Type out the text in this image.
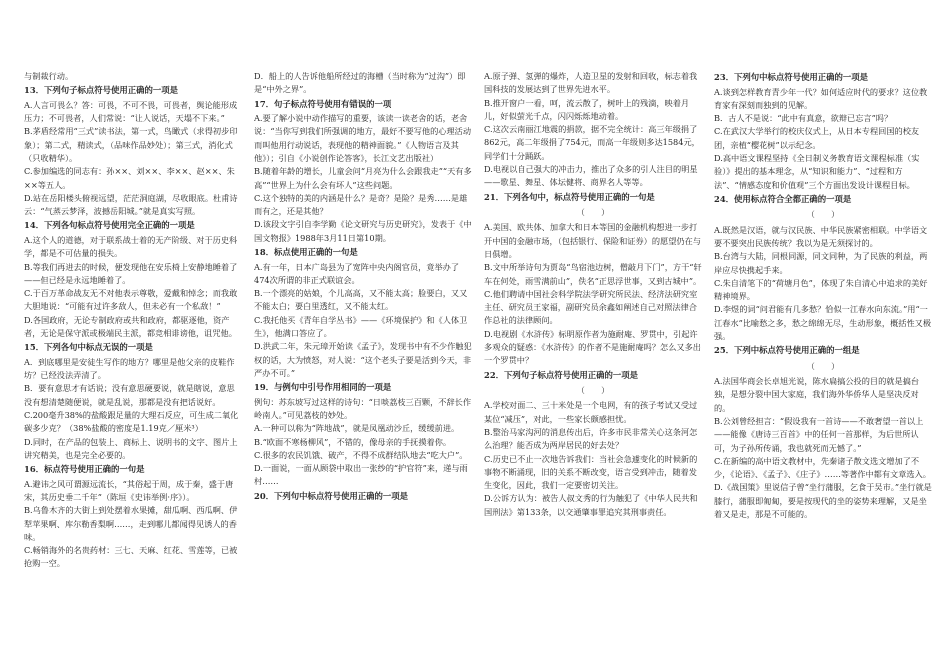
与制裁行动。

13．下列句子标点符号使用正确的一项是

A.人言可畏么？答：可畏，不可不畏，可畏者，舆论能形成压力；不可畏者，人们常说：“让人说话，天塌不下来。”

B.茅盾经常用“三式”读书法，第一式，鸟瞰式（求得初步印象）；第二式，精读式，（品味作品妙处）；第三式，消化式（只收精华）。

C.参加编选的同志有：孙××、刘××、李××、赵××、朱××等五人。

D.站在岳阳楼头俯视远望，茫茫洞庭湖，尽收眼底。杜甫诗云：“气蒸云梦泽，波撼岳阳城。”就是真实写照。

14．下列各句标点符号使用完全正确的一项是

A.这个人的道德，对于联系战士着的无产阶级、对于历史科学，都是不可估量的损失。

B.等我们再进去的时候，便发现他在安乐椅上安静地睡着了——但已经是永远地睡着了。

C.于百万革命战友无不对他表示尊敬，爱戴和悼念；而我敢大胆地说：“可能有过许多敌人，但未必有一个私敌！”

D.各国政府，无论专制政府或共和政府，都驱逐他，资产者，无论是保守派或极端民主派，都竞相诽谤他，诅咒他。

15．下列各句中标点无误的一项是

A．到底哪里是安徒生写作的地方？哪里是他父亲的皮鞋作坊？已经没法弄清了。

B．要有意思才有话说；没有意思硬要说，就是瞎说，意思没有想清楚随便说，就是乱说，那都是没有把话说好。

C.200毫升38%的盐酸跟足量的大理石反应，可生成二氧化碳多少克？（38%盐酸的密度是1.19克／厘米³）

D.同时，在产品的包装上、商标上、说明书的文字、图片上讲究精美，也是完全必要的。

16．标点符号使用正确的一句是

A.避讳之风可谓源远流长，“其俗起于周，成于秦，盛于唐宋，其历史垂二千年”（陈垣《史讳举例·序》）。

B.乌鲁木齐的大街上到处摆着水果摊，甜瓜啊、西瓜啊、伊犁苹果啊、库尔勒香梨啊……，走到哪儿都闻得见诱人的香味。

C.畅销海外的名贵药材：三七、天麻、红花、雪莲等，已被抢购一空。

D．船上的人告诉他船所经过的海槽（当时称为“过沟”）即是“中外之界”。

17．句子标点符号使用有错误的一项

A.要了解小说中动作描写的重要，该读一读老舍的话，老舍说：“当你写到我们所强调的地方，最好不要写他的心理活动而叫他用行动说话，表现他的精神面貌。”《人物语言及其他》）；引自《小说创作论答客》，长江文艺出版社）

B.随着年龄的增长，儿童会问“月亮为什么会跟我走”“天有多高”“世界上为什么会有坏人”这些问题。

C.这个独特的美的内涵是什么？是奇？是险？是秀……是雄而有之，还是其他？

D.该段文字引自李学勤《论文研究与历史研究》，发表于《中国文物报》1988年3月11日第10期。

18．标点使用正确的一句是

A.有一年，日本广岛县为了宽阵中央内阁官员，竟举办了474次所谓的非正式联谊会。

B.一个漂亮的姑娘，个儿高高，又不能太高；脸要白，又又不能太白；要白里透红，又不能太红。

C.我托他买《青年自学丛书》——《环境保护》和《人体卫生》，他满口答应了。

D.洪武二年，朱元璋开始读《孟子》，发现书中有不少作触犯权的话，大为愤怒，对人说：“这个老头子要是活到今天，非严办不可。”

19．与例句中引号作用相同的一项是

例句：苏东坡写过这样的诗句：“日啖荔枝三百颗，不辞长作岭南人。”可见荔枝的妙处。

A.一种可以称为“阵地战”，就是凤凰动沙丘，缓缓前进。

B.“欧面不寒杨柳风”，不错的，像母亲的手抚摸着你。

C.很多的农民饥饿、破产，不得不成群结队地去“吃大户”。

D.一面说，一面从顾袋中取出一张纱的“护官符”来，递与雨村……

20．下列句中标点符号使用正确的一项是

A.原子弹、氢弹的爆炸，人造卫星的发射和回收，标志着我国科技的发展达到了世界先进水平。

B.推开窗户一看，呵，流云散了，树叶上的残滴，映着月儿，好似萤光千点，闪闪烁烁地动着。

C.这次云南丽江地震的捐款，据不完全统计：高三年级捐了862元，高二年级捐了754元，而高一年级则多达1584元，同学们十分踊跃。

D.电视以自己强大的冲击力，推出了众多的引人注目的明星——歌星、舞星、体坛健将、商界名人等等。

21．下列各句中，标点符号使用正确的一句是

（　　）

A.美国、欧共体、加拿大和日本等国的金融机构想进一步打开中国的金融市场，（包括银行、保险和证券）的愿望仍在与日俱增。

B.文中所举诗句为贾岛“鸟宿池边树，僧敲月下门”，方干“轩车在何处，雨雪满前山”，佚名“正思浮世事，又到古城中”。

C.他们聘请中国社会科学院法学研究所民法、经济法研究室主任、研究员王家福，副研究员余鑫如阐述自己对照法律合作总社的法律顾问。

D.电视剧《水浒传》标明原作者为施耐庵、罗贯中，引起许多观众的疑惑：《水浒传》的作者不是施耐庵吗？怎么又多出一个罗贯中？

22．下列句子标点符号使用正确的一项是

（　　）

A.学校对面二、三十米处是一个电网，有的孩子考试又受过某位“减压”，对此，一些家长颇感担忧。

B.整治马家沟河的消息传出后，许多市民非常关心这条河怎么治理？能否成为两岸居民的好去处？

C.历史已不止一次地告诉我们：当社会急遽变化的时候新的事物不断涌现，旧的关系不断改变，语言受到冲击，随着发生变化，因此，我们一定要密切关注。

D.公诉方认为：被告人叔文秀的行为触犯了《中华人民共和国刑法》第133条，以交通肇事罪追究其刑事责任。

23．下列句中标点符号使用正确的一项是

A.谈到怎样教育青少年一代？如何适应时代的要求？这位教育家有深刻而独到的见解。

B．古人不是说：“此中有真意，欲辩已忘言”吗？

C.在武汉大学举行的校庆仪式上，从日本专程回国的校友团，亲植“樱花树”以示纪念。

D.高中语文课程坚持《全日制义务教育语文课程标准（实验）》提出的基本理念，从“知识和能力”、“过程和方法”、“情感态度和价值观”三个方面出发设计课程目标。

24．使用标点符合全都正确的一项是

（　　）

A.既然是汉语，就与汉民族、中华民族紧密相联。中学语文要不要突出民族传统？我以为是无须探讨的。

B.台湾与大陆，同根同源，同文同种，为了民族的利益，两岸应尽快携起手来。

C.朱自清笔下的“荷塘月色”，体现了朱自清心中追求的美好精神境界。

D.李煜的词“问君能有几多愁？恰似一江春水向东流。”用“一江春水”比喻愁之多，愁之绵绵无尽，生动形象，概括性又极强。

25．下列中标点符号使用正确的一组是

（　　）

A.法国华商会长卓旭光说，陈水扁搞公投的目的就是搞台独，是想分裂中国大家庭，我们海外华侨华人是坚决反对的。

B.公刘曾经担言：“假设我有一首诗——不敢奢望一首以上——能像《唐诗三百首》中的任何一首那样，为后世所认可，为子孙所传诵，我也就死而无憾了。”

C.在新编的高中语文教材中，先秦诸子散文选文增加了不少，《论语》、《孟子》、《庄子》……等著作中都有文章选入。

D.《战国策》里说信子曾“坐行蒲服，乞食于吴市。”坐行就是膝行，蒲服即匍匐，要是按现代的坐的姿势来理解，又是坐着又是走，那是不可能的。
